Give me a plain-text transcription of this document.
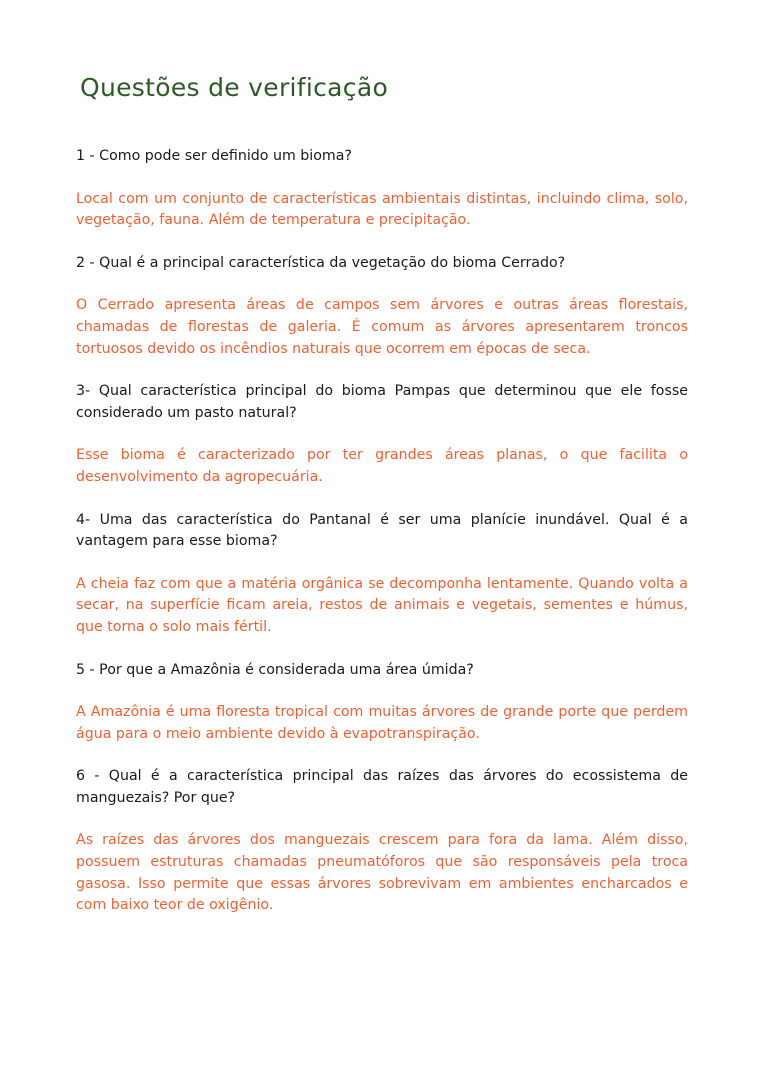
Questões de verificação

1 - Como pode ser definido um bioma?

Local com um conjunto de características ambientais distintas, incluindo clima, solo, vegetação, fauna. Além de temperatura e precipitação.

2 - Qual é a principal característica da vegetação do bioma Cerrado?

O Cerrado apresenta áreas de campos sem árvores e outras áreas florestais, chamadas de florestas de galeria. É comum as árvores apresentarem troncos tortuosos devido os incêndios naturais que ocorrem em épocas de seca.

3- Qual característica principal do bioma Pampas que determinou que ele fosse considerado um pasto natural?

Esse bioma é caracterizado por ter grandes áreas planas, o que facilita o desenvolvimento da agropecuária.

4- Uma das característica do Pantanal é ser uma planície inundável. Qual é a vantagem para esse bioma?

A cheia faz com que a matéria orgânica se decomponha lentamente. Quando volta a secar, na superfície ficam areia, restos de animais e vegetais, sementes e húmus, que torna o solo mais fértil.

5 - Por que a Amazônia é considerada uma área úmida?

A Amazônia é uma floresta tropical com muitas árvores de grande porte que perdem água para o meio ambiente devido à evapotranspiração.

6 - Qual é a característica principal das raízes das árvores do ecossistema de manguezais? Por que?

As raízes das árvores dos manguezais crescem para fora da lama. Além disso, possuem estruturas chamadas pneumatóforos que são responsáveis pela troca gasosa. Isso permite que essas árvores sobrevivam em ambientes encharcados e com baixo teor de oxigênio.
